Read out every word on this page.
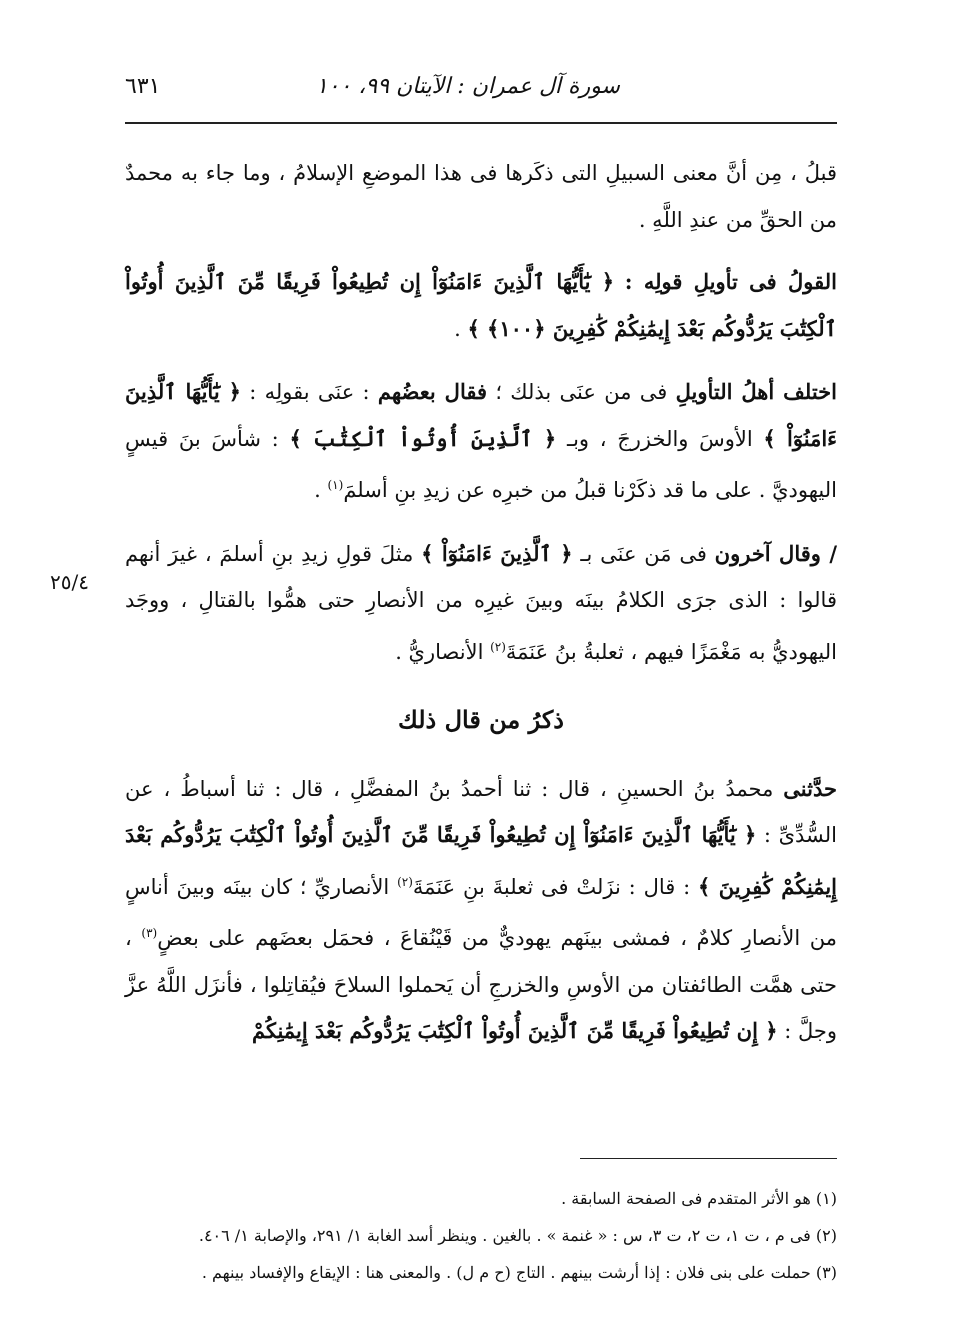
سورة آل عمران : الآيتان ٩٩، ١٠٠
٦٣١
٢٥/٤

قبلُ ، مِن أنَّ معنى السبيلِ التى ذكَرها فى هذا الموضعِ الإسلامُ ، وما جاء به محمدٌ من الحقِّ من عندِ اللَّهِ .

القولُ فى تأويلِ قولِه : ﴿ يَٰٓأَيُّهَا ٱلَّذِينَ ءَامَنُوٓاْ إِن تُطِيعُواْ فَرِيقًا مِّنَ ٱلَّذِينَ أُوتُواْ ٱلْكِتَٰبَ يَرُدُّوكُم بَعْدَ إِيمَٰنِكُمْ كَٰفِرِينَ ﴿١٠٠﴾ ﴾ .

اختلف أهلُ التأويلِ فى من عنَى بذلك ؛ فقال بعضُهم : عنَى بقولِه : ﴿ يَٰٓأَيُّهَا ٱلَّذِينَ ءَامَنُوٓاْ ﴾ الأوسَ والخزرجَ ، وبـ ﴿ ٱلَّذِينَ أُوتُواْ ٱلْكِتَٰبَ ﴾ : شأسَ بنَ قيسٍ اليهوديَّ . على ما قد ذكَرْنا قبلُ من خبرِه عن زيدِ بنِ أسلمَ$^{(١)}$ .

/ وقال آخرون فى مَن عنَى بـ ﴿ ٱلَّذِينَ ءَامَنُوٓاْ ﴾ مثلَ قولِ زيدِ بنِ أسلمَ ، غيرَ أنهم قالوا : الذى جرَى الكلامُ بينَه وبينَ غيرِه من الأنصارِ حتى همُّوا بالقتالِ ، ووجَد اليهوديُّ به مَغْمَزًا فيهم ، ثعلبةُ بنُ عَنَمَةَ$^{(٢)}$ الأنصاريُّ .

ذكرُ من قال ذلك

حدَّثنى محمدُ بنُ الحسينِ ، قال : ثنا أحمدُ بنُ المفضَّلِ ، قال : ثنا أسباطُ ، عن السُّدِّىِّ : ﴿ يَٰٓأَيُّهَا ٱلَّذِينَ ءَامَنُوٓاْ إِن تُطِيعُواْ فَرِيقًا مِّنَ ٱلَّذِينَ أُوتُواْ ٱلْكِتَٰبَ يَرُدُّوكُم بَعْدَ إِيمَٰنِكُمْ كَٰفِرِينَ ﴾ : قال : نزَلتْ فى ثعلبةَ بنِ عَنَمَةَ$^{(٢)}$ الأنصاريِّ ؛ كان بينَه وبينَ أناسٍ من الأنصارِ كلامٌ ، فمشى بينَهم يهوديٌّ من قَيْنُقاعَ ، فحمَل بعضَهم على بعضٍ$^{(٣)}$ ، حتى همَّت الطائفتان من الأوسِ والخزرجِ أن يَحملوا السلاحَ فيُقاتِلوا ، فأنزَل اللَّهُ عزَّ وجلَّ : ﴿ إِن تُطِيعُواْ فَرِيقًا مِّنَ ٱلَّذِينَ أُوتُواْ ٱلْكِتَٰبَ يَرُدُّوكُم بَعْدَ إِيمَٰنِكُمْ

(١) هو الأثر المتقدم فى الصفحة السابقة .
(٢) فى م ، ت ١، ت ٢، ت ٣، س : « غنمة » . بالغين . وينظر أسد الغابة ١/ ٢٩١، والإصابة ١/ ٤٠٦.
(٣) حملت على بنى فلان : إذا أرشت بينهم . التاج (ح م ل) . والمعنى هنا : الإيقاع والإفساد بينهم .
